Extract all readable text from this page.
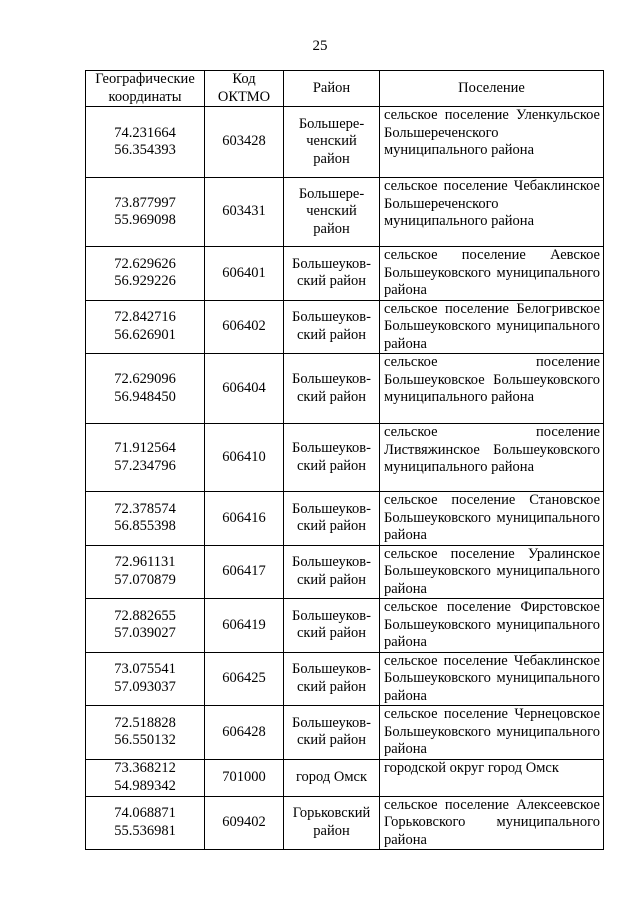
25
Географические координаты	Код ОКТМО	Район	Поселение

74.231664
56.354393	603428	Большере-ченский район	сельское поселение Уленкульское Большереченского муниципального района

73.877997
55.969098	603431	Большере-ченский район	сельское поселение Чебаклинское Большереченского муниципального района

72.629626
56.929226	606401	Большеуков-ский район	сельское поселение Аевское Большеуковского муниципального района

72.842716
56.626901	606402	Большеуков-ский район	сельское поселение Белогривское Большеуковского муниципального района

72.629096
56.948450	606404	Большеуков-ский район	сельское поселение Большеуковское Большеуковского муниципального района

71.912564
57.234796	606410	Большеуков-ский район	сельское поселение Листвяжинское Большеуковского муниципального района

72.378574
56.855398	606416	Большеуков-ский район	сельское поселение Становское Большеуковского муниципального района

72.961131
57.070879	606417	Большеуков-ский район	сельское поселение Уралинское Большеуковского муниципального района

72.882655
57.039027	606419	Большеуков-ский район	сельское поселение Фирстовское Большеуковского муниципального района

73.075541
57.093037	606425	Большеуков-ский район	сельское поселение Чебаклинское Большеуковского муниципального района

72.518828
56.550132	606428	Большеуков-ский район	сельское поселение Чернецовское Большеуковского муниципального района

73.368212
54.989342	701000	город Омск	городской округ город Омск

74.068871
55.536981	609402	Горьковский район	сельское поселение Алексеевское Горьковского муниципального района
